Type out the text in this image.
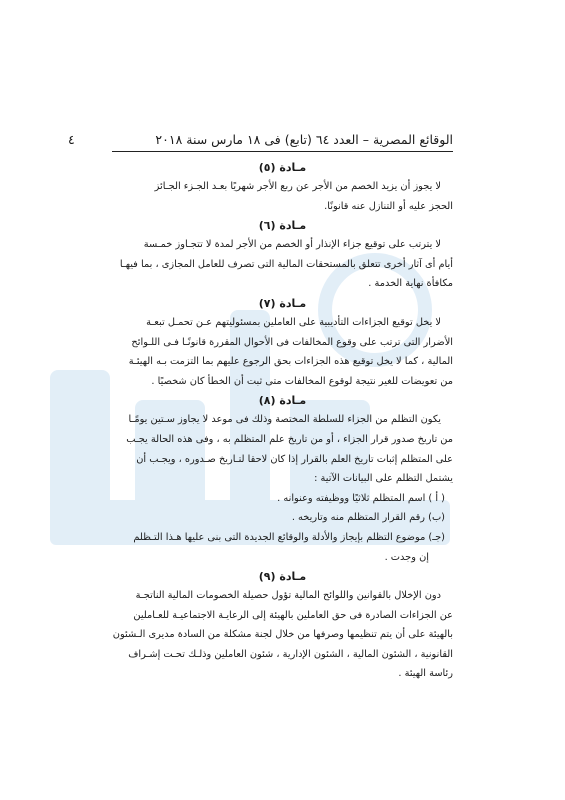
الوقائع المصرية – العدد ٦٤ (تابع) فى ١٨ مارس سنة ٢٠١٨
٤

مـادة (٥)

لا يجوز أن يزيد الخصم من الأجر عن ربع الأجر شهريًا بعـد الجـزء الجـائز

الحجز عليه أو التنازل عنه قانونًا.

مـادة (٦)

لا يترتب على توقيع جزاء الإنذار أو الخصم من الأجر لمدة لا تتجـاوز خمـسة

أيام أى آثار أخرى تتعلق بالمستحقات المالية التى تصرف للعامل المجازى ، بما فيهـا

مكافأة نهاية الخدمة .

مـادة (٧)

لا يخل توقيع الجزاءات التأديبية على العاملين بمسئوليتهم عـن تحمـل تبعـة

الأضرار التى ترتب على وقوع المخالفات فى الأحوال المقررة قانونًـا فـى اللـوائح

المالية ، كما لا يخل توقيع هذه الجزاءات بحق الرجوع عليهم بما التزمت بـه الهيئـة

من تعويضات للغير نتيجة لوقوع المخالفات متى ثبت أن الخطأ كان شخصيًا .

مـادة (٨)

يكون التظلم من الجزاء للسلطة المختصة وذلك فى موعد لا يجاوز سـتين يومًـا

من تاريخ صدور قرار الجزاء ، أو من تاريخ علم المتظلم به ، وفى هذه الحالة يجـب

على المتظلم إثبات تاريخ العلم بالقرار إذا كان لاحقا لتـاريخ صـدوره ، ويجـب أن

يشتمل التظلم على البيانات الآتية :

( أ ) اسم المتظلم ثلاثيًا ووظيفته وعنوانه .

(ب) رقم القرار المتظلم منه وتاريخه .

(جـ) موضوع التظلم بإيجاز والأدلة والوقائع الجديدة التى بنى عليها هـذا التـظلم

إن وجدت .

مـادة (٩)

دون الإخلال بالقوانين واللوائح المالية تؤول حصيلة الخصومات المالية الناتجـة

عن الجزاءات الصادرة فى حق العاملين بالهيئة إلى الرعايـة الاجتماعيـة للعـاملين

بالهيئة على أن يتم تنظيمها وصرفها من خلال لجنة مشكلة من السادة مديرى الـشئون

القانونية ، الشئون المالية ، الشئون الإدارية ، شئون العاملين وذلـك تحـت إشـراف

رئاسة الهيئة .
